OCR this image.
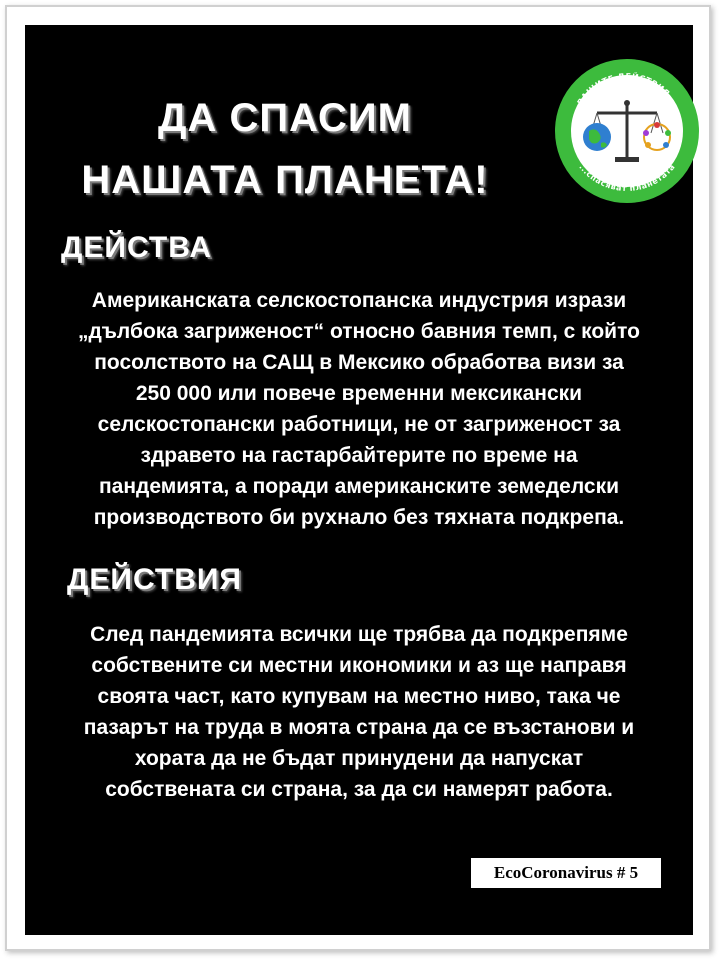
ДА СПАСИМ
НАШАТА ПЛАНЕТА!
ВАШИТЕ ДЕЙСТВИЯ...
...спасяват планетата
ДЕЙСТВА
Американската селскостопанска индустрия изрази
„дълбока загриженост“ относно бавния темп, с който
посолството на САЩ в Мексико обработва визи за
250 000 или повече временни мексикански
селскостопански работници, не от загриженост за
здравето на гастарбайтерите по време на
пандемията, а поради американските земеделски
производството би рухнало без тяхната подкрепа.
ДЕЙСТВИЯ
След пандемията всички ще трябва да подкрепяме
собствените си местни икономики и аз ще направя
своята част, като купувам на местно ниво, така че
пазарът на труда в моята страна да се възстанови и
хората да не бъдат принудени да напускат
собствената си страна, за да си намерят работа.
EcoCoronavirus # 5
